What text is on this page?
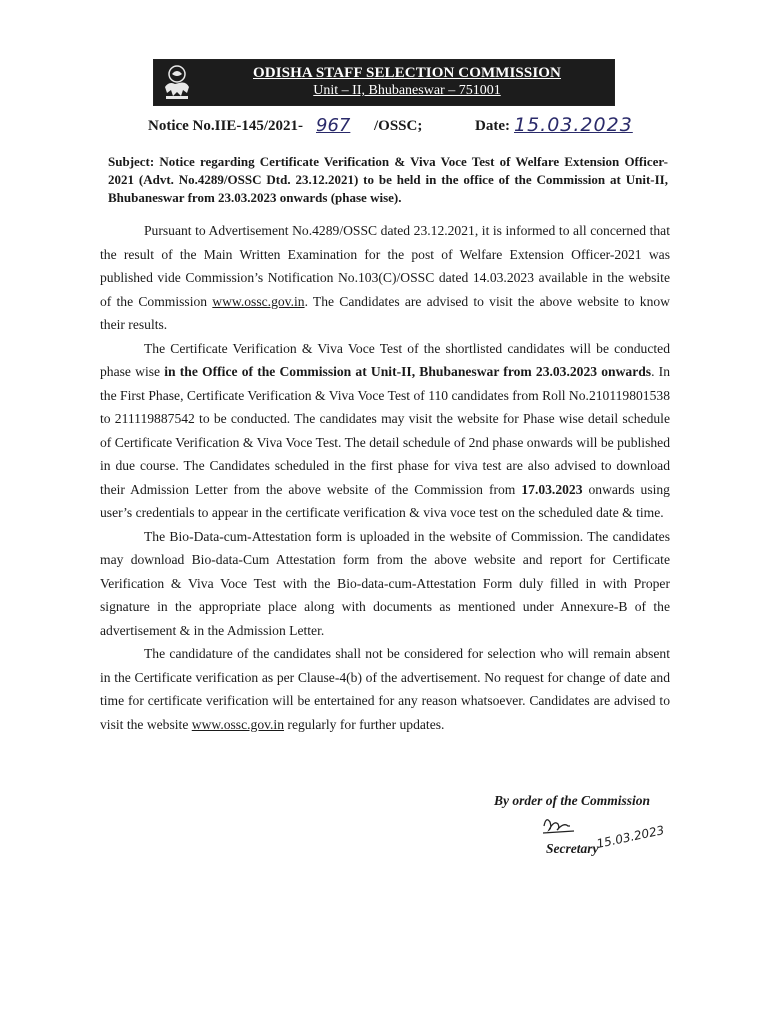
ODISHA STAFF SELECTION COMMISSION
Unit – II, Bhubaneswar – 751001
Notice No.IIE-145/2021- 967 /OSSC;	Date: 15.03.2023
Subject: Notice regarding Certificate Verification & Viva Voce Test of Welfare Extension Officer-2021 (Advt. No.4289/OSSC Dtd. 23.12.2021) to be held in the office of the Commission at Unit-II, Bhubaneswar from 23.03.2023 onwards (phase wise).

Pursuant to Advertisement No.4289/OSSC dated 23.12.2021, it is informed to all concerned that the result of the Main Written Examination for the post of Welfare Extension Officer-2021 was published vide Commission’s Notification No.103(C)/OSSC dated 14.03.2023 available in the website of the Commission www.ossc.gov.in. The Candidates are advised to visit the above website to know their results.

The Certificate Verification & Viva Voce Test of the shortlisted candidates will be conducted phase wise in the Office of the Commission at Unit-II, Bhubaneswar from 23.03.2023 onwards. In the First Phase, Certificate Verification & Viva Voce Test of 110 candidates from Roll No.210119801538 to 211119887542 to be conducted. The candidates may visit the website for Phase wise detail schedule of Certificate Verification & Viva Voce Test. The detail schedule of 2nd phase onwards will be published in due course. The Candidates scheduled in the first phase for viva test are also advised to download their Admission Letter from the above website of the Commission from 17.03.2023 onwards using user’s credentials to appear in the certificate verification & viva voce test on the scheduled date & time.

The Bio-Data-cum-Attestation form is uploaded in the website of Commission. The candidates may download Bio-data-Cum Attestation form from the above website and report for Certificate Verification & Viva Voce Test with the Bio-data-cum-Attestation Form duly filled in with Proper signature in the appropriate place along with documents as mentioned under Annexure-B of the advertisement & in the Admission Letter.

The candidature of the candidates shall not be considered for selection who will remain absent in the Certificate verification as per Clause-4(b) of the advertisement. No request for change of date and time for certificate verification will be entertained for any reason whatsoever. Candidates are advised to visit the website www.ossc.gov.in regularly for further updates.

By order of the Commission
15.03.2023
Secretary
